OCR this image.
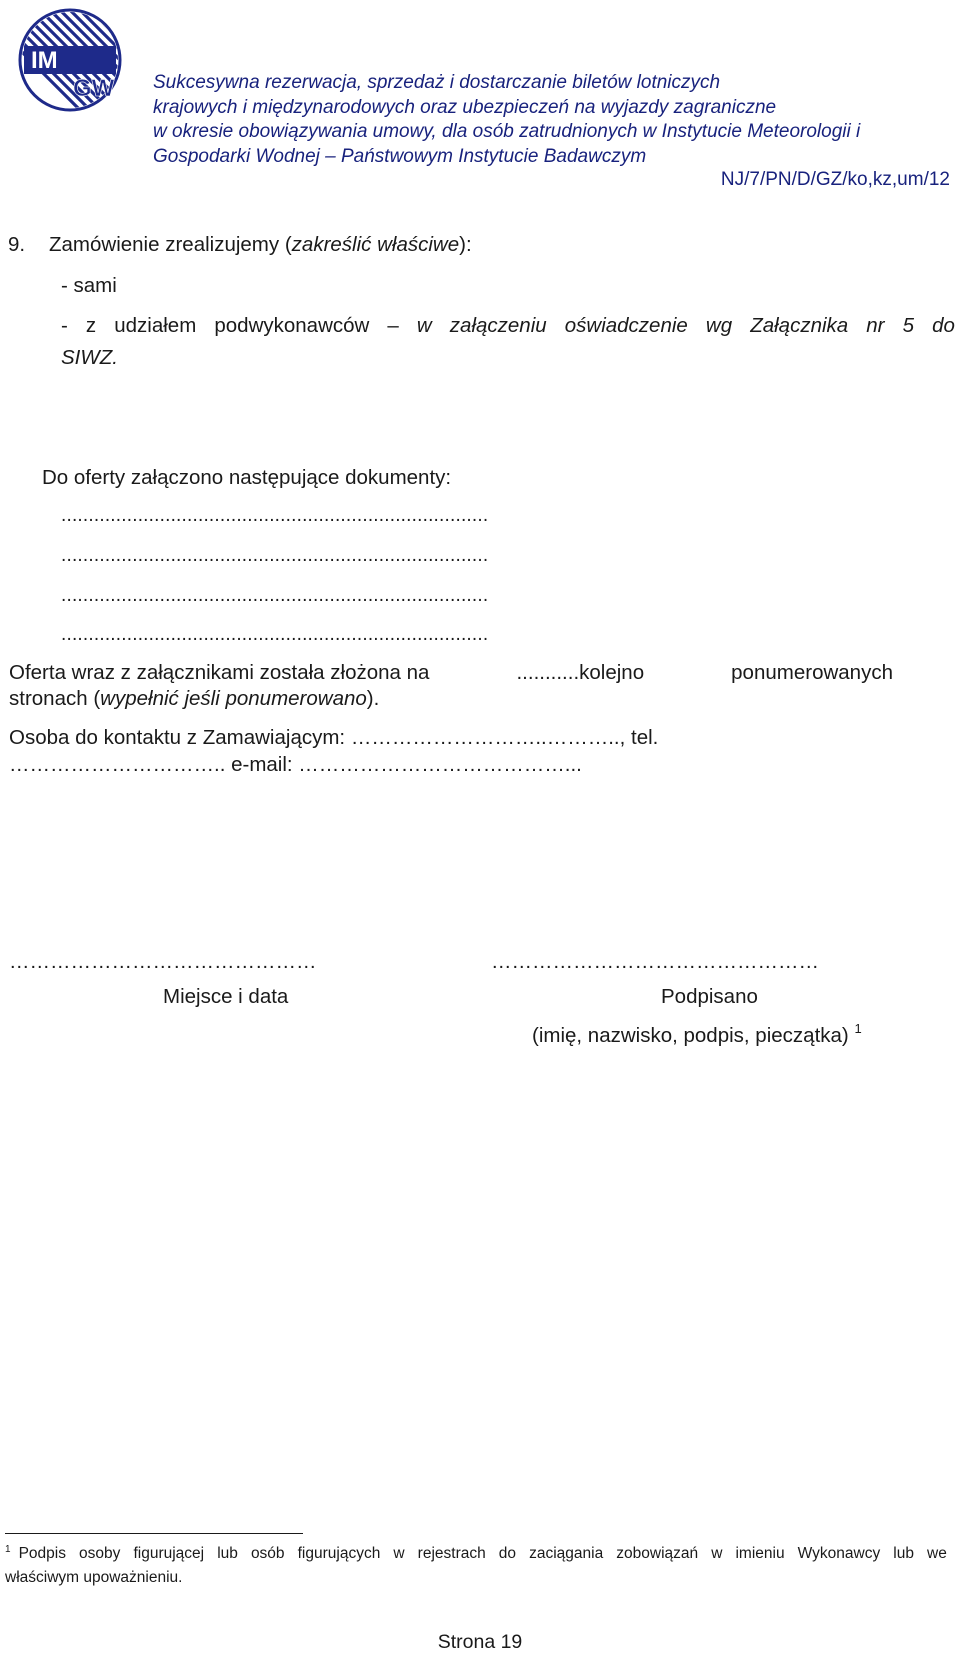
IM
GW Sukcesywna rezerwacja, sprzedaż i dostarczanie biletów lotniczych
krajowych i międzynarodowych oraz ubezpieczeń na wyjazdy zagraniczne
w okresie obowiązywania umowy, dla osób zatrudnionych w Instytucie Meteorologii i
Gospodarki Wodnej – Państwowym Instytucie Badawczym
NJ/7/PN/D/GZ/ko,kz,um/12
9. Zamówienie zrealizujemy (zakreślić właściwe):
- sami
- z udziałem podwykonawców – w załączeniu oświadczenie wg Załącznika nr 5 do
SIWZ.
Do oferty załączono następujące dokumenty:
..............................................................................
..............................................................................
..............................................................................
..............................................................................
Oferta wraz z załącznikami została złożona na	...........kolejno	ponumerowanych
stronach (wypełnić jeśli ponumerowano).
Osoba do kontaktu z Zamawiającym: ………………………..……….., tel.
………………………….. e-mail: …………………………………...
………………………………………	…………………………………………
Miejsce i data	Podpisano
(imię, nazwisko, podpis, pieczątka) $^1$
$^1$ Podpis osoby figurującej lub osób figurujących w rejestrach do zaciągania zobowiązań w imieniu Wykonawcy lub we
właściwym upoważnieniu.
Strona 19
